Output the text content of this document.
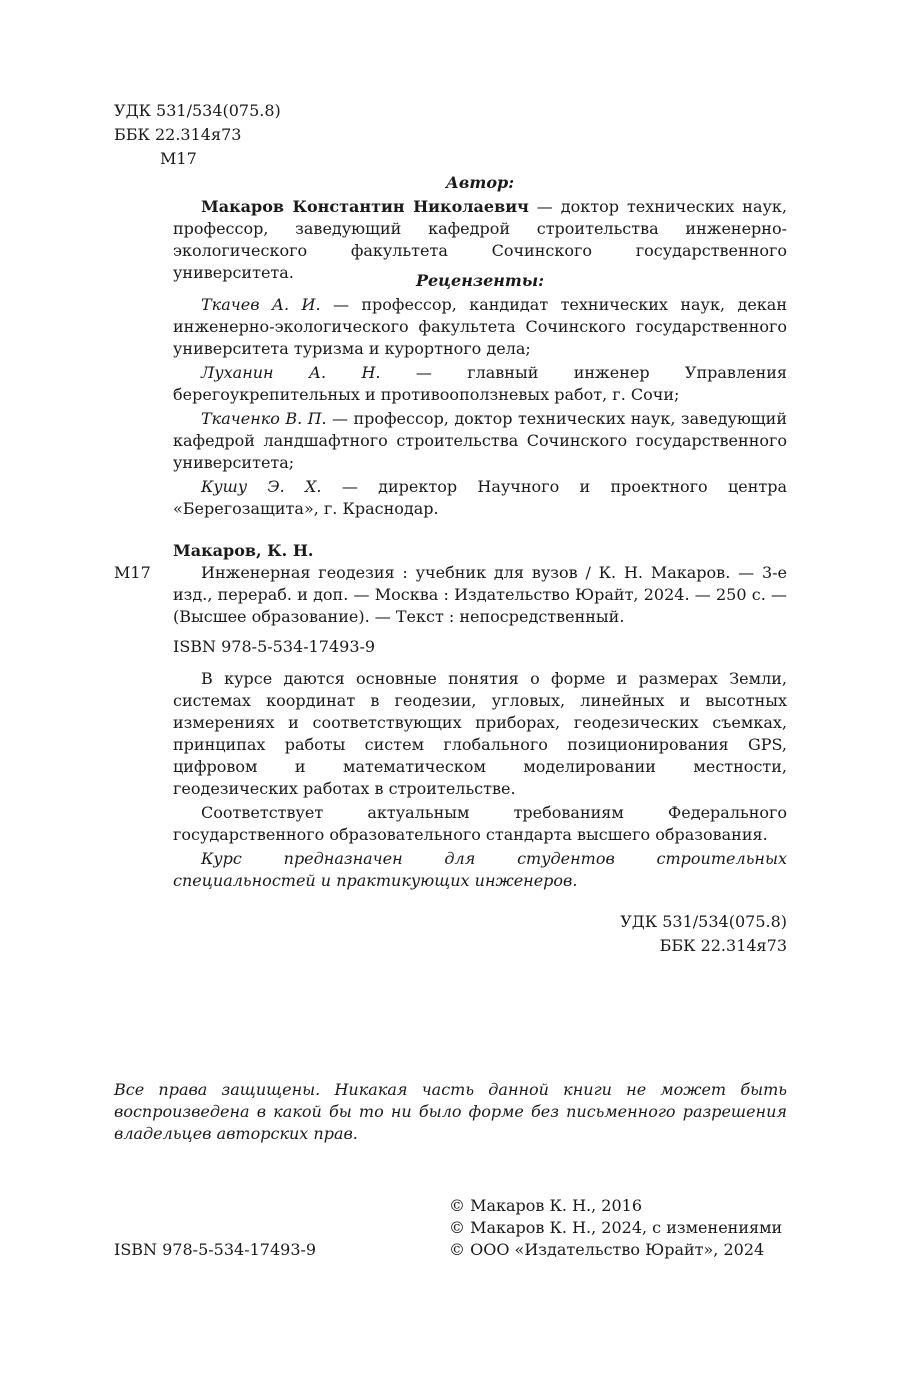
УДК 531/534(075.8)
ББК 22.314я73
М17
Автор:

Макаров Константин Николаевич — доктор технических наук, профессор, заведующий кафедрой строительства инженерно-экологического факультета Сочинского государственного университета.	Рецензенты:

Ткачев А. И. — профессор, кандидат технических наук, декан инженерно-экологического факультета Сочинского государственного университета туризма и курортного дела;

Луханин А. Н. — главный инженер Управления берегоукрепительных и противооползневых работ, г. Сочи;

Ткаченко В. П. — профессор, доктор технических наук, заведующий кафедрой ландшафтного строительства Сочинского государственного университета;

Кушу Э. Х. — директор Научного и проектного центра «Берегозащита», г. Краснодар.

Макаров, К. Н.
М17	Инженерная геодезия : учебник для вузов / К. Н. Макаров. — 3-е изд., перераб. и доп. — Москва : Издательство Юрайт, 2024. — 250 с. — (Высшее образование). — Текст : непосредственный.

ISBN 978-5-534-17493-9

В курсе даются основные понятия о форме и размерах Земли, системах координат в геодезии, угловых, линейных и высотных измерениях и соответствующих приборах, геодезических съемках, принципах работы систем глобального позиционирования GPS, цифровом и математическом моделировании местности, геодезических работах в строительстве.

Соответствует актуальным требованиям Федерального государственного образовательного стандарта высшего образования.

Курс предназначен для студентов строительных специальностей и практикующих инженеров.

УДК 531/534(075.8)
ББК 22.314я73
Все права защищены. Никакая часть данной книги не может быть воспроизведена в какой бы то ни было форме без письменного разрешения владельцев авторских прав.
© Макаров К. Н., 2016
© Макаров К. Н., 2024, с изменениями
© ООО «Издательство Юрайт», 2024
ISBN 978-5-534-17493-9
